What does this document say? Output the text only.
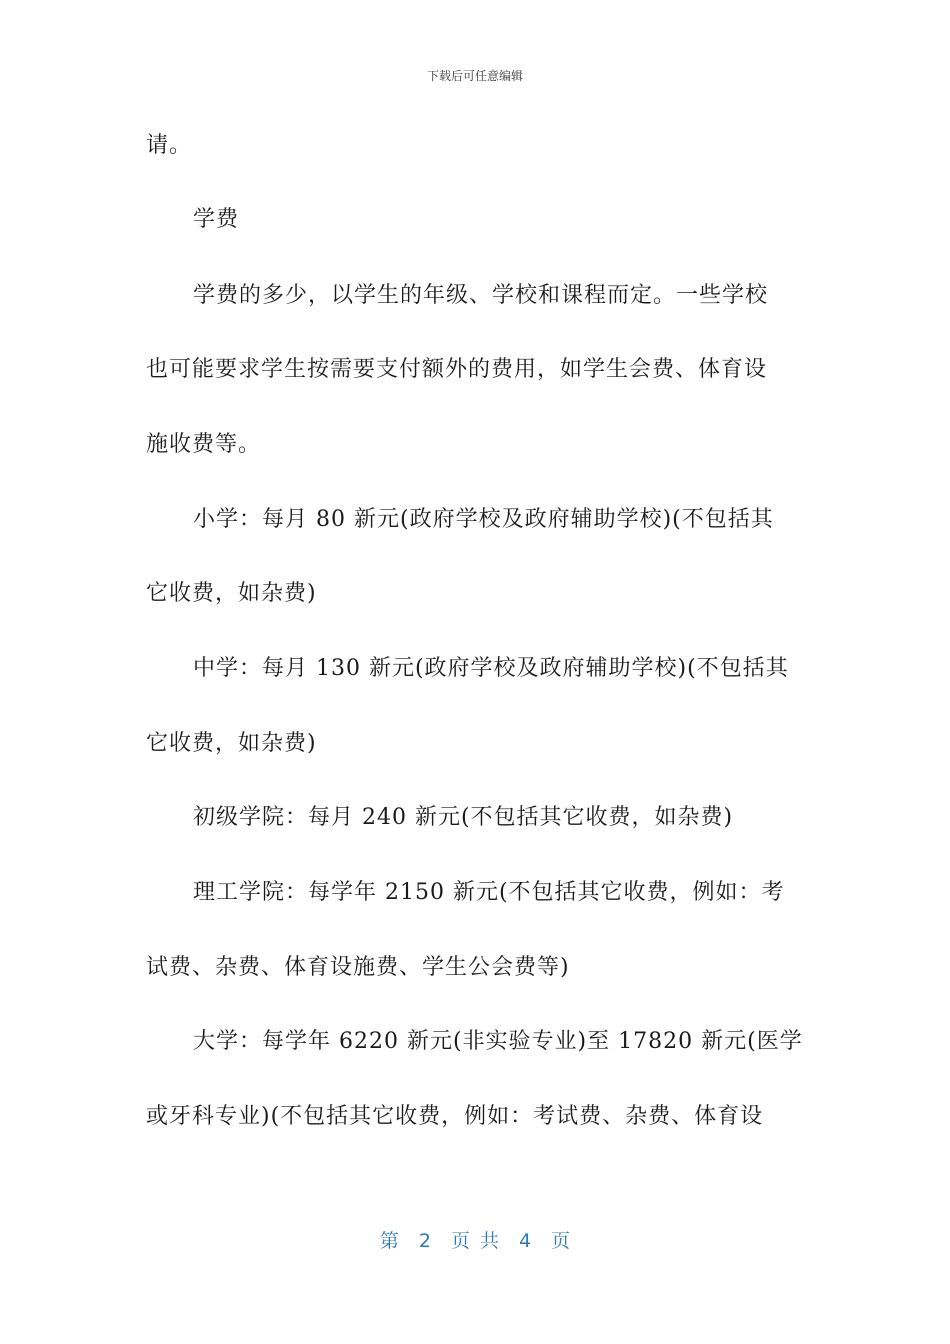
下载后可任意编辑
请。
学费
学费的多少，以学生的年级、学校和课程而定。一些学校
也可能要求学生按需要支付额外的费用，如学生会费、体育设
施收费等。
小学：每月 80 新元(政府学校及政府辅助学校)(不包括其
它收费，如杂费)
中学：每月 130 新元(政府学校及政府辅助学校)(不包括其
它收费，如杂费)
初级学院：每月 240 新元(不包括其它收费，如杂费)
理工学院：每学年 2150 新元(不包括其它收费，例如：考
试费、杂费、体育设施费、学生公会费等)
大学：每学年 6220 新元(非实验专业)至 17820 新元(医学
或牙科专业)(不包括其它收费，例如：考试费、杂费、体育设
第 2 页 共 4 页
